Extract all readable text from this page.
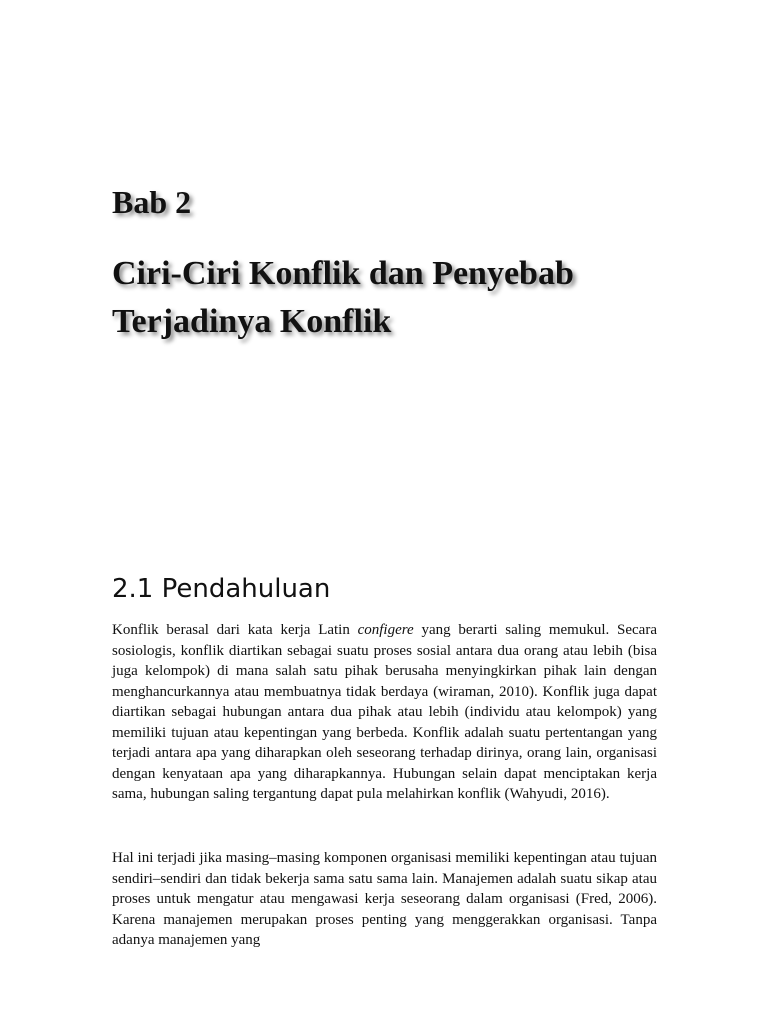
Bab 2
Ciri-Ciri Konflik dan Penyebab
Terjadinya Konflik
2.1 Pendahuluan

Konflik berasal dari kata kerja Latin configere yang berarti saling memukul. Secara sosiologis, konflik diartikan sebagai suatu proses sosial antara dua orang atau lebih (bisa juga kelompok) di mana salah satu pihak berusaha menyingkirkan pihak lain dengan menghancurkannya atau membuatnya tidak berdaya (wiraman, 2010). Konflik juga dapat diartikan sebagai hubungan antara dua pihak atau lebih (individu atau kelompok) yang memiliki tujuan atau kepentingan yang berbeda. Konflik adalah suatu pertentangan yang terjadi antara apa yang diharapkan oleh seseorang terhadap dirinya, orang lain, organisasi dengan kenyataan apa yang diharapkannya. Hubungan selain dapat menciptakan kerja sama, hubungan saling tergantung dapat pula melahirkan konflik (Wahyudi, 2016).

Hal ini terjadi jika masing–masing komponen organisasi memiliki kepentingan atau tujuan sendiri–sendiri dan tidak bekerja sama satu sama lain. Manajemen adalah suatu sikap atau proses untuk mengatur atau mengawasi kerja seseorang dalam organisasi (Fred, 2006). Karena manajemen merupakan proses penting yang menggerakkan organisasi. Tanpa adanya manajemen yang
